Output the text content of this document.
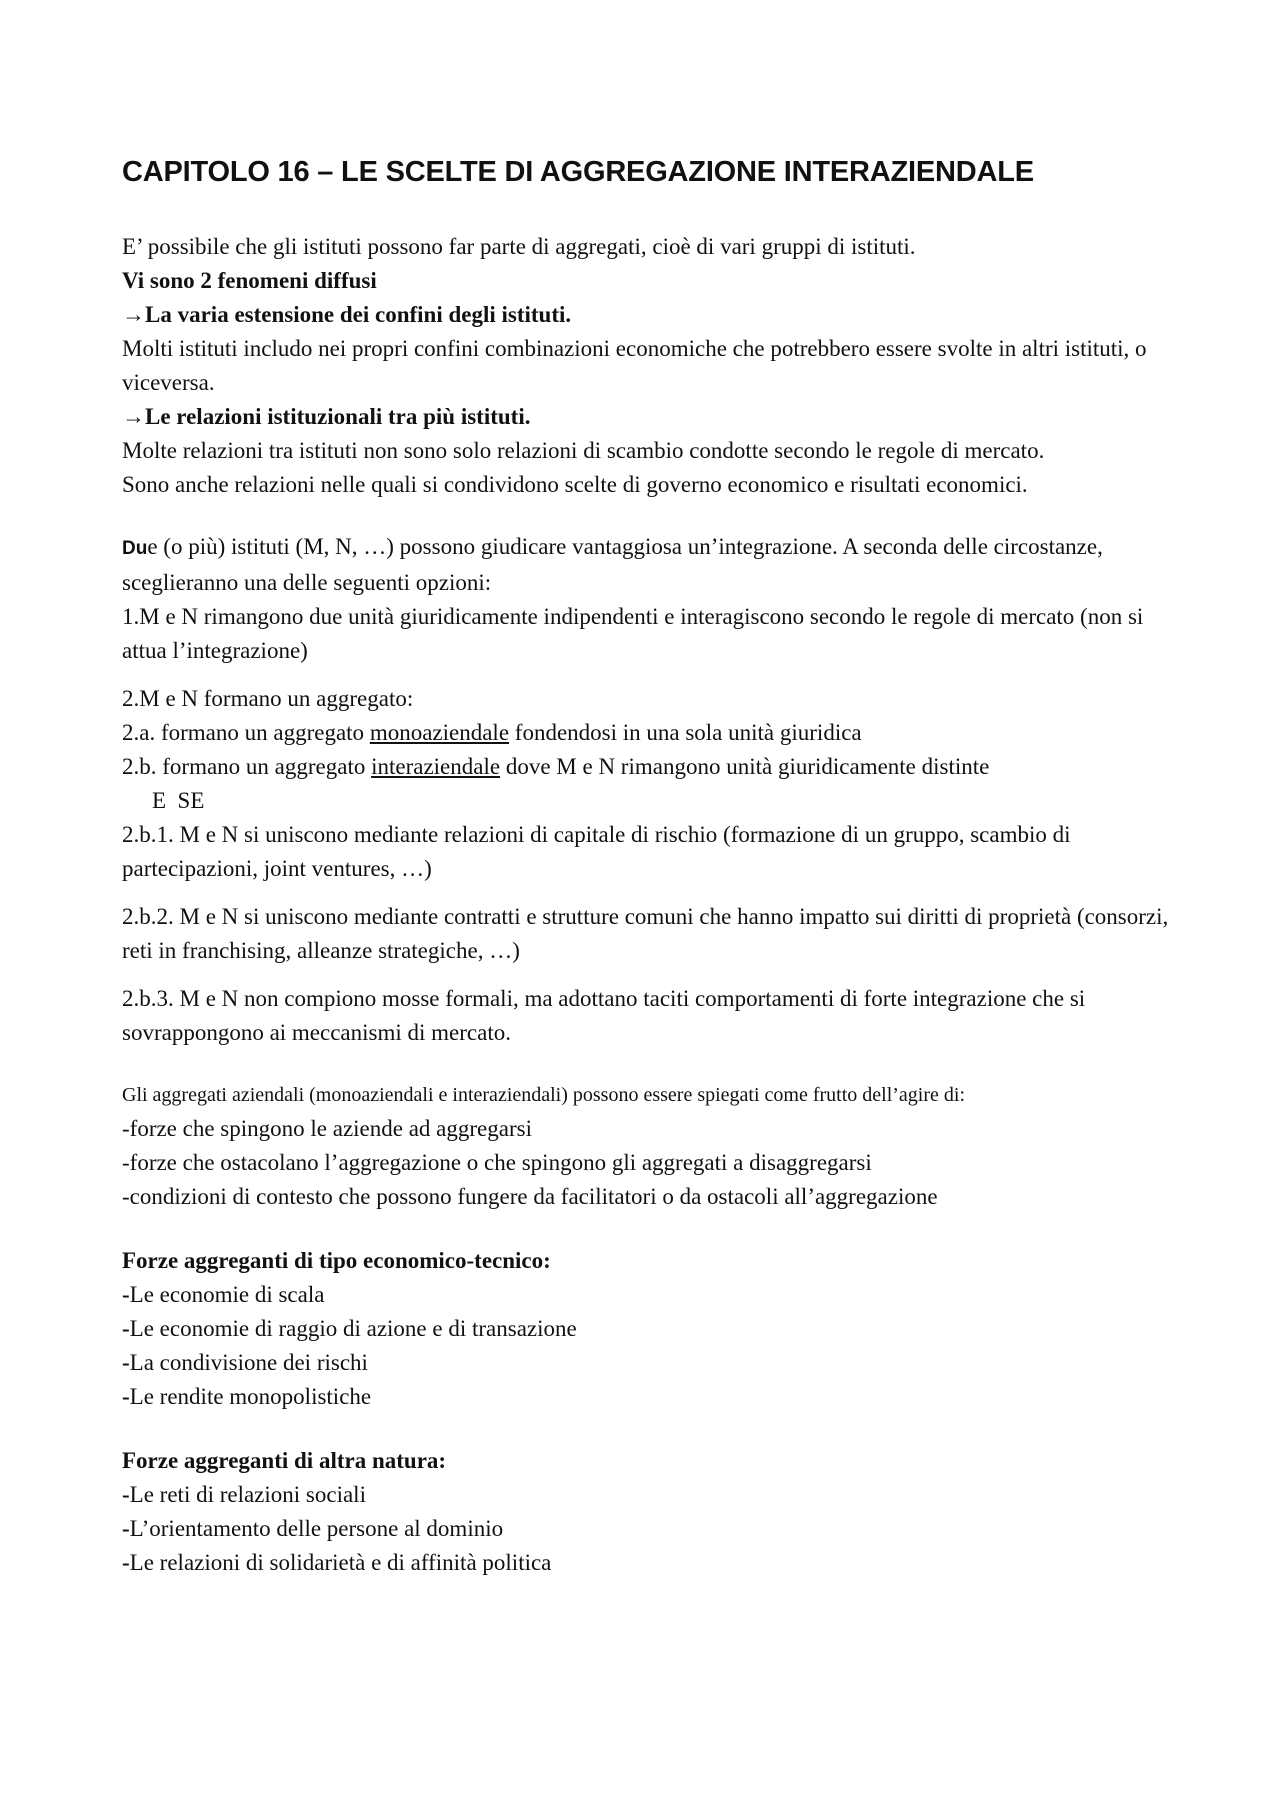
CAPITOLO 16 – LE SCELTE DI AGGREGAZIONE INTERAZIENDALE

E’ possibile che gli istituti possono far parte di aggregati, cioè di vari gruppi di istituti.

Vi sono 2 fenomeni diffusi

→La varia estensione dei confini degli istituti.

Molti istituti includo nei propri confini combinazioni economiche che potrebbero essere svolte in altri istituti, o viceversa.

→Le relazioni istituzionali tra più istituti.

Molte relazioni tra istituti non sono solo relazioni di scambio condotte secondo le regole di mercato.

Sono anche relazioni nelle quali si condividono scelte di governo economico e risultati economici.

Due (o più) istituti (M, N, …) possono giudicare vantaggiosa un’integrazione. A seconda delle circostanze, sceglieranno una delle seguenti opzioni:

1.M e N rimangono due unità giuridicamente indipendenti e interagiscono secondo le regole di mercato (non si attua l’integrazione)

2.M e N formano un aggregato:

2.a. formano un aggregato monoaziendale fondendosi in una sola unità giuridica

2.b. formano un aggregato interaziendale dove M e N rimangono unità giuridicamente distinte

E  SE

2.b.1. M e N si uniscono mediante relazioni di capitale di rischio (formazione di un gruppo, scambio di partecipazioni, joint ventures, …)

2.b.2. M e N si uniscono mediante contratti e strutture comuni che hanno impatto sui diritti di proprietà (consorzi, reti in franchising, alleanze strategiche, …)

2.b.3. M e N non compiono mosse formali, ma adottano taciti comportamenti di forte integrazione che si sovrappongono ai meccanismi di mercato.

Gli aggregati aziendali (monoaziendali e interaziendali) possono essere spiegati come frutto dell’agire di:

-forze che spingono le aziende ad aggregarsi

-forze che ostacolano l’aggregazione o che spingono gli aggregati a disaggregarsi

-condizioni di contesto che possono fungere da facilitatori o da ostacoli all’aggregazione

Forze aggreganti di tipo economico-tecnico:

-Le economie di scala

-Le economie di raggio di azione e di transazione

-La condivisione dei rischi

-Le rendite monopolistiche

Forze aggreganti di altra natura:

-Le reti di relazioni sociali

-L’orientamento delle persone al dominio

-Le relazioni di solidarietà e di affinità politica
